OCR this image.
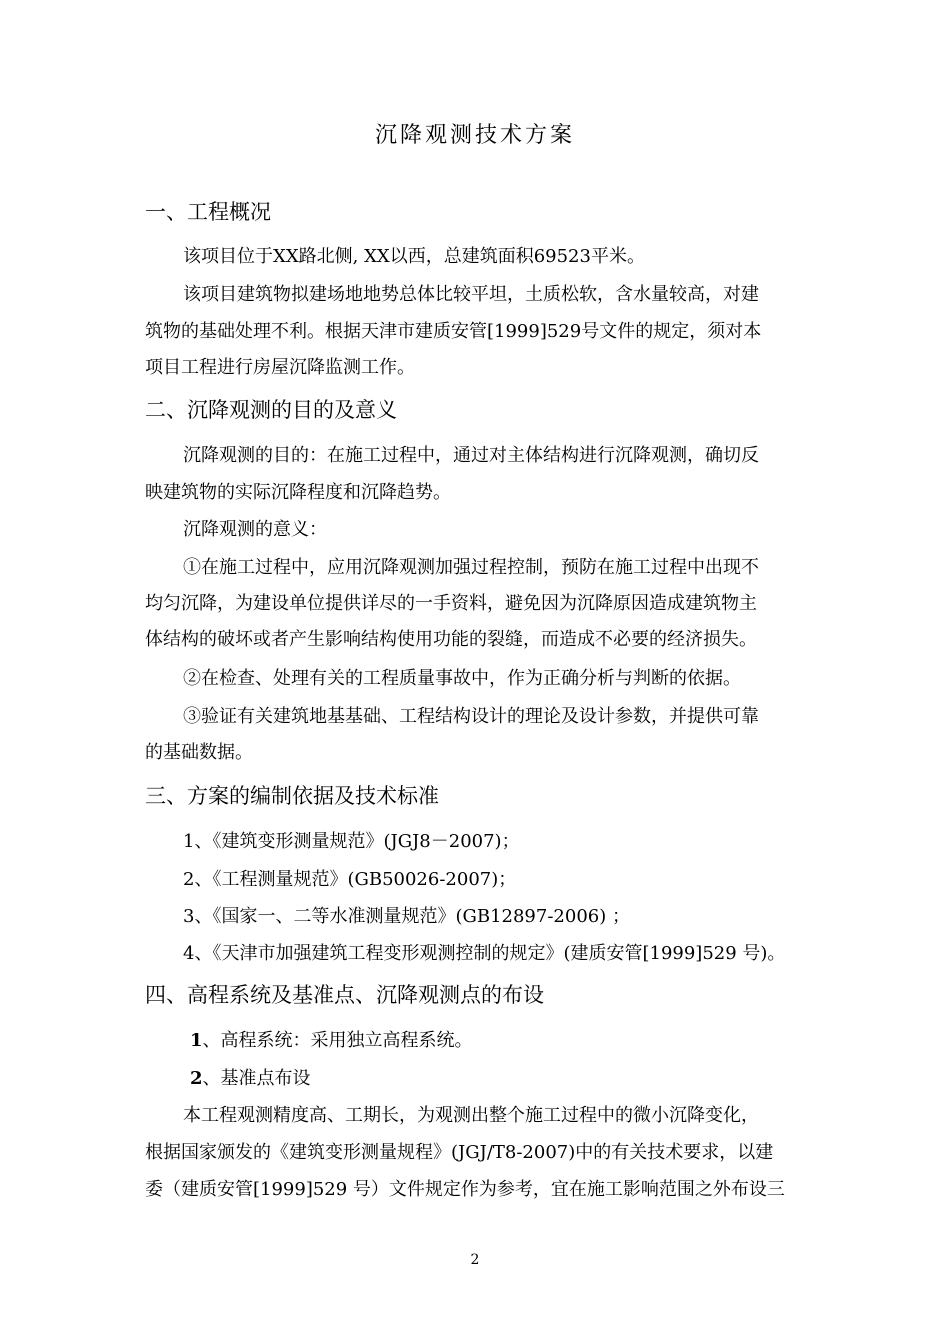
沉降观测技术方案
一、工程概况
该项目位于XX路北侧, XX以西，总建筑面积69523平米。
该项目建筑物拟建场地地势总体比较平坦，土质松软，含水量较高，对建
筑物的基础处理不利。根据天津市建质安管[1999]529号文件的规定，须对本
项目工程进行房屋沉降监测工作。
二、沉降观测的目的及意义
沉降观测的目的：在施工过程中，通过对主体结构进行沉降观测，确切反
映建筑物的实际沉降程度和沉降趋势。
沉降观测的意义：
①在施工过程中，应用沉降观测加强过程控制，预防在施工过程中出现不
均匀沉降，为建设单位提供详尽的一手资料，避免因为沉降原因造成建筑物主
体结构的破坏或者产生影响结构使用功能的裂缝，而造成不必要的经济损失。
②在检查、处理有关的工程质量事故中，作为正确分析与判断的依据。
③验证有关建筑地基基础、工程结构设计的理论及设计参数，并提供可靠
的基础数据。
三、方案的编制依据及技术标准
1、《建筑变形测量规范》(JGJ8－2007)；
2、《工程测量规范》(GB50026-2007)；
3、《国家一、二等水准测量规范》(GB12897-2006) ；
4、《天津市加强建筑工程变形观测控制的规定》(建质安管[1999]529 号)。
四、高程系统及基准点、沉降观测点的布设
1、高程系统：采用独立高程系统。
2、基准点布设
本工程观测精度高、工期长，为观测出整个施工过程中的微小沉降变化，
根据国家颁发的《建筑变形测量规程》(JGJ/T8-2007)中的有关技术要求，以建
委（建质安管[1999]529 号）文件规定作为参考，宜在施工影响范围之外布设三
2
